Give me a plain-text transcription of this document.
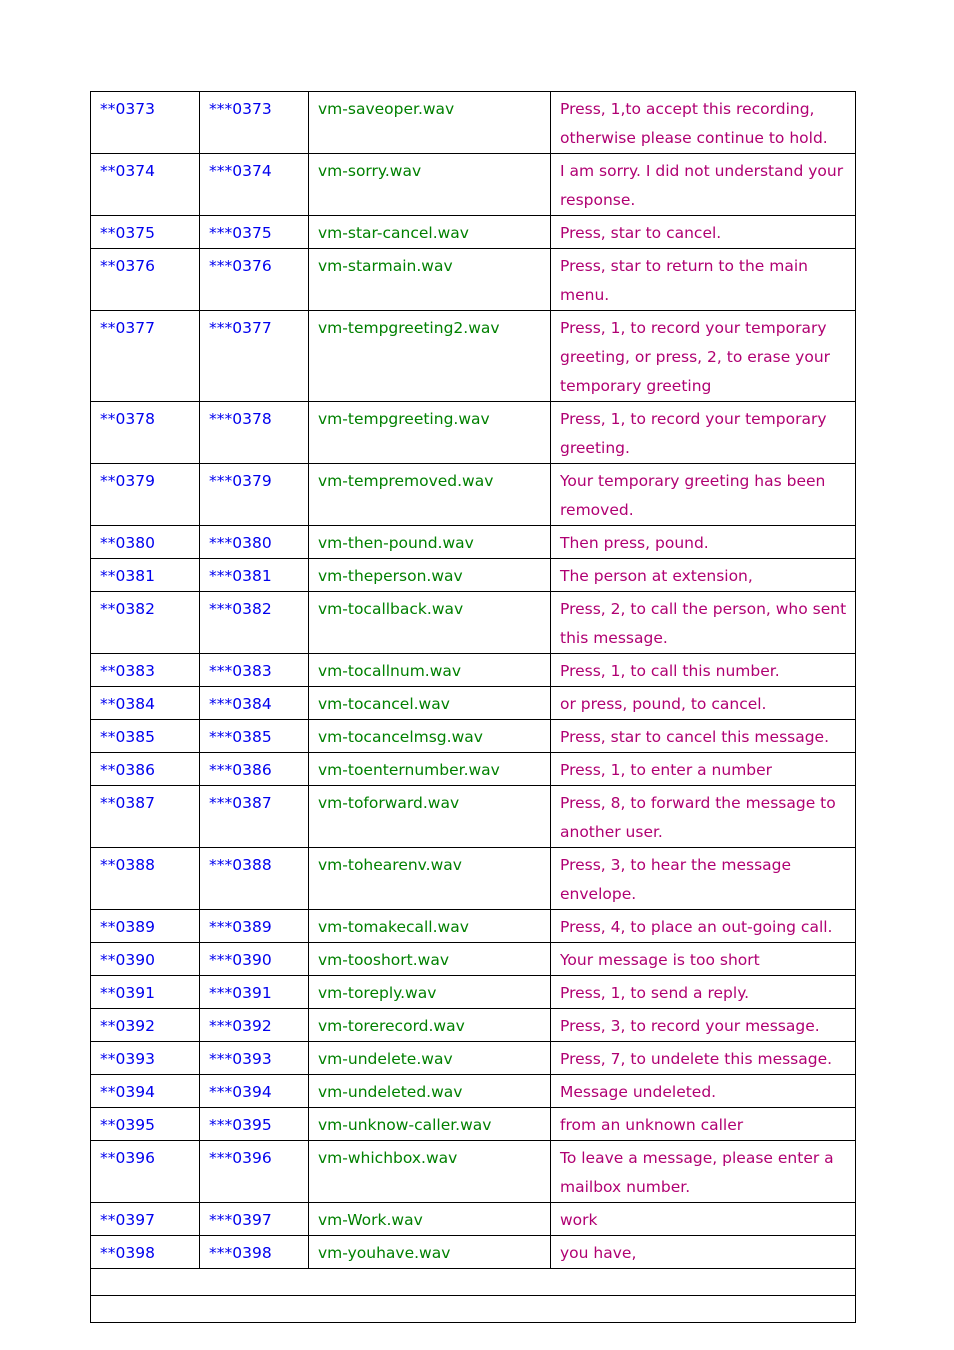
**0373	***0373	vm-saveoper.wav	Press, 1,to accept this recording, otherwise please continue to hold.
**0374	***0374	vm-sorry.wav	I am sorry. I did not understand your response.
**0375	***0375	vm-star-cancel.wav	Press, star to cancel.
**0376	***0376	vm-starmain.wav	Press, star to return to the main menu.
**0377	***0377	vm-tempgreeting2.wav	Press, 1, to record your temporary greeting, or press, 2, to erase your temporary greeting
**0378	***0378	vm-tempgreeting.wav	Press, 1, to record your temporary greeting.
**0379	***0379	vm-tempremoved.wav	Your temporary greeting has been removed.
**0380	***0380	vm-then-pound.wav	Then press, pound.
**0381	***0381	vm-theperson.wav	The person at extension,
**0382	***0382	vm-tocallback.wav	Press, 2, to call the person, who sent this message.
**0383	***0383	vm-tocallnum.wav	Press, 1, to call this number.
**0384	***0384	vm-tocancel.wav	or press, pound, to cancel.
**0385	***0385	vm-tocancelmsg.wav	Press, star to cancel this message.
**0386	***0386	vm-toenternumber.wav	Press, 1, to enter a number
**0387	***0387	vm-toforward.wav	Press, 8, to forward the message to another user.
**0388	***0388	vm-tohearenv.wav	Press, 3, to hear the message envelope.
**0389	***0389	vm-tomakecall.wav	Press, 4, to place an out-going call.
**0390	***0390	vm-tooshort.wav	Your message is too short
**0391	***0391	vm-toreply.wav	Press, 1, to send a reply.
**0392	***0392	vm-torerecord.wav	Press, 3, to record your message.
**0393	***0393	vm-undelete.wav	Press, 7, to undelete this message.
**0394	***0394	vm-undeleted.wav	Message undeleted.
**0395	***0395	vm-unknow-caller.wav	from an unknown caller
**0396	***0396	vm-whichbox.wav	To leave a message, please enter a mailbox number.
**0397	***0397	vm-Work.wav	work
**0398	***0398	vm-youhave.wav	you have,
